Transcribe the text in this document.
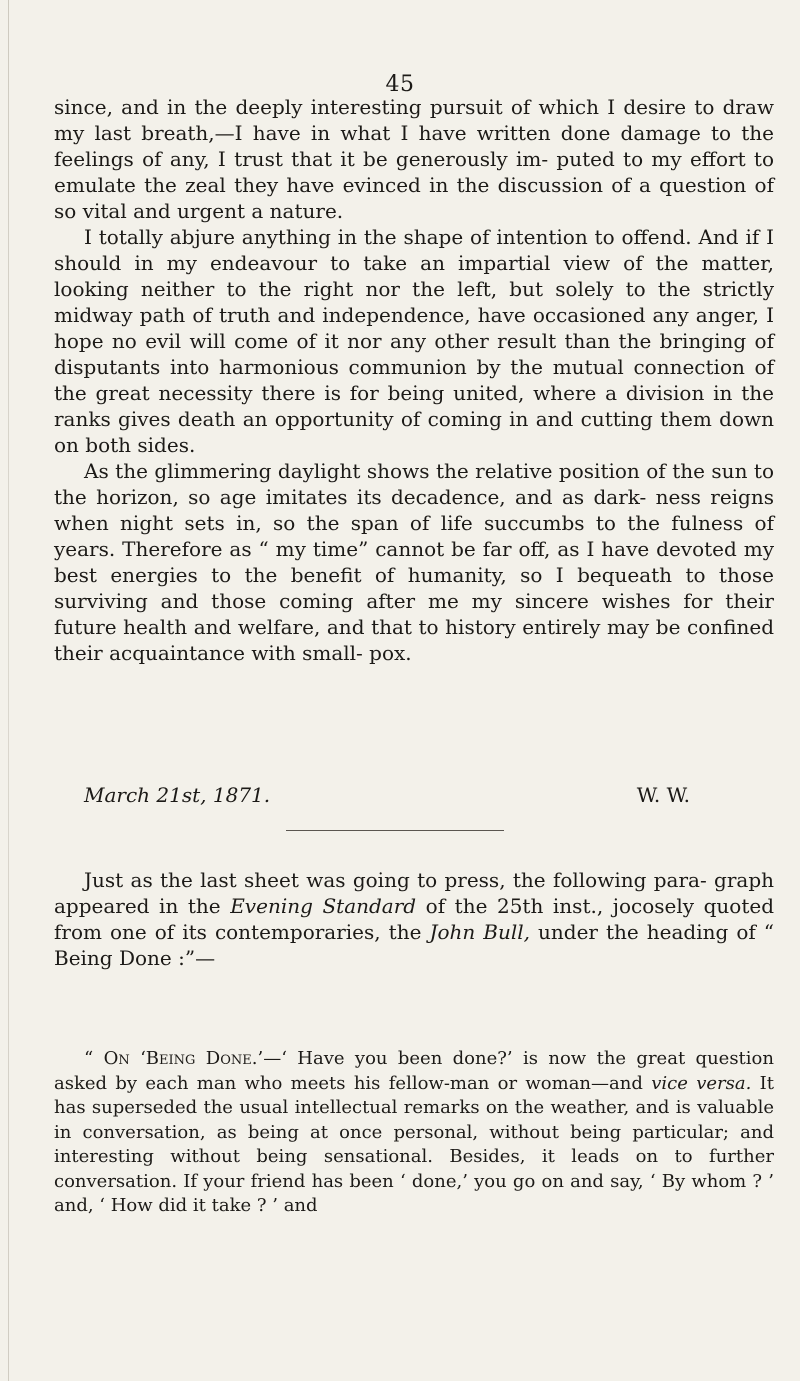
45

since, and in the deeply interesting pursuit of which I desire to draw my last breath,—I have in what I have written done damage to the feelings of any, I trust that it be generously im- puted to my effort to emulate the zeal they have evinced in the discussion of a question of so vital and urgent a nature.

I totally abjure anything in the shape of intention to offend. And if I should in my endeavour to take an impartial view of the matter, looking neither to the right nor the left, but solely to the strictly midway path of truth and independence, have occasioned any anger, I hope no evil will come of it nor any other result than the bringing of disputants into harmonious communion by the mutual connection of the great necessity there is for being united, where a division in the ranks gives death an opportunity of coming in and cutting them down on both sides.

As the glimmering daylight shows the relative position of the sun to the horizon, so age imitates its decadence, and as dark- ness reigns when night sets in, so the span of life succumbs to the fulness of years. Therefore as “ my time” cannot be far off, as I have devoted my best energies to the benefit of humanity, so I bequeath to those surviving and those coming after me my sincere wishes for their future health and welfare, and that to history entirely may be confined their acquaintance with small- pox.

March 21st, 1871.	W. W.

Just as the last sheet was going to press, the following para- graph appeared in the Evening Standard of the 25th inst., jocosely quoted from one of its contemporaries, the John Bull, under the heading of “ Being Done :”—

“ On ‘Being Done.’—‘ Have you been done?’ is now the great question asked by each man who meets his fellow-man or woman—and vice versa. It has superseded the usual intellectual remarks on the weather, and is valuable in conversation, as being at once personal, without being particular; and interesting without being sensational. Besides, it leads on to further conversation. If your friend has been ‘ done,’ you go on and say, ‘ By whom ? ’ and, ‘ How did it take ? ’ and
